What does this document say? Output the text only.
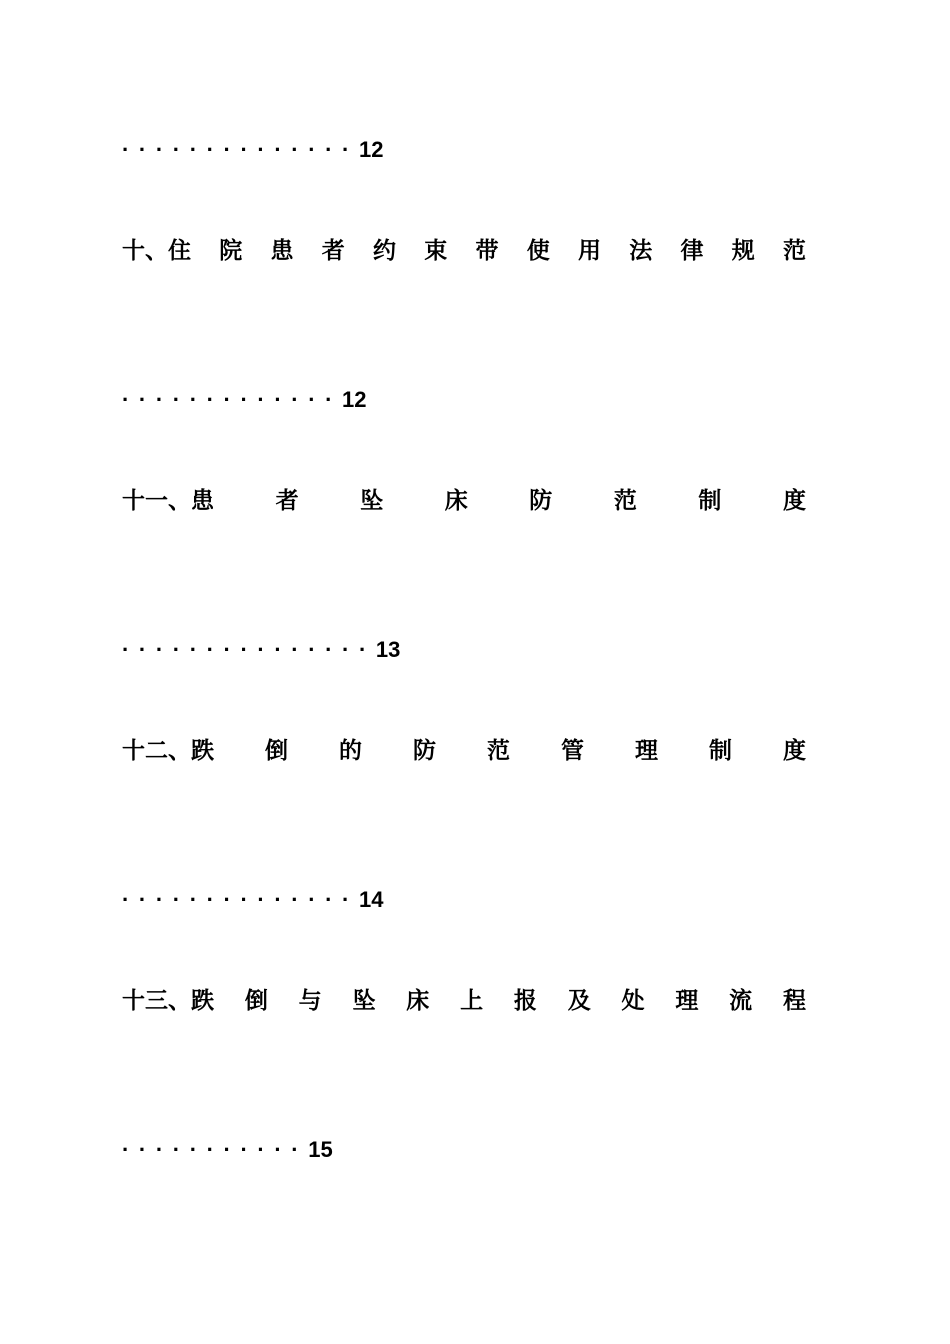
··············12
十、住 院 患 者 约 束 带 使 用 法 律 规 范
·············12
十一、患	者	坠	床	防	范	制	度
···············13
十二、跌 倒 的 防 范 管 理 制 度
··············14
十三、跌 倒 与 坠 床 上 报 及 处 理 流 程
···········15
